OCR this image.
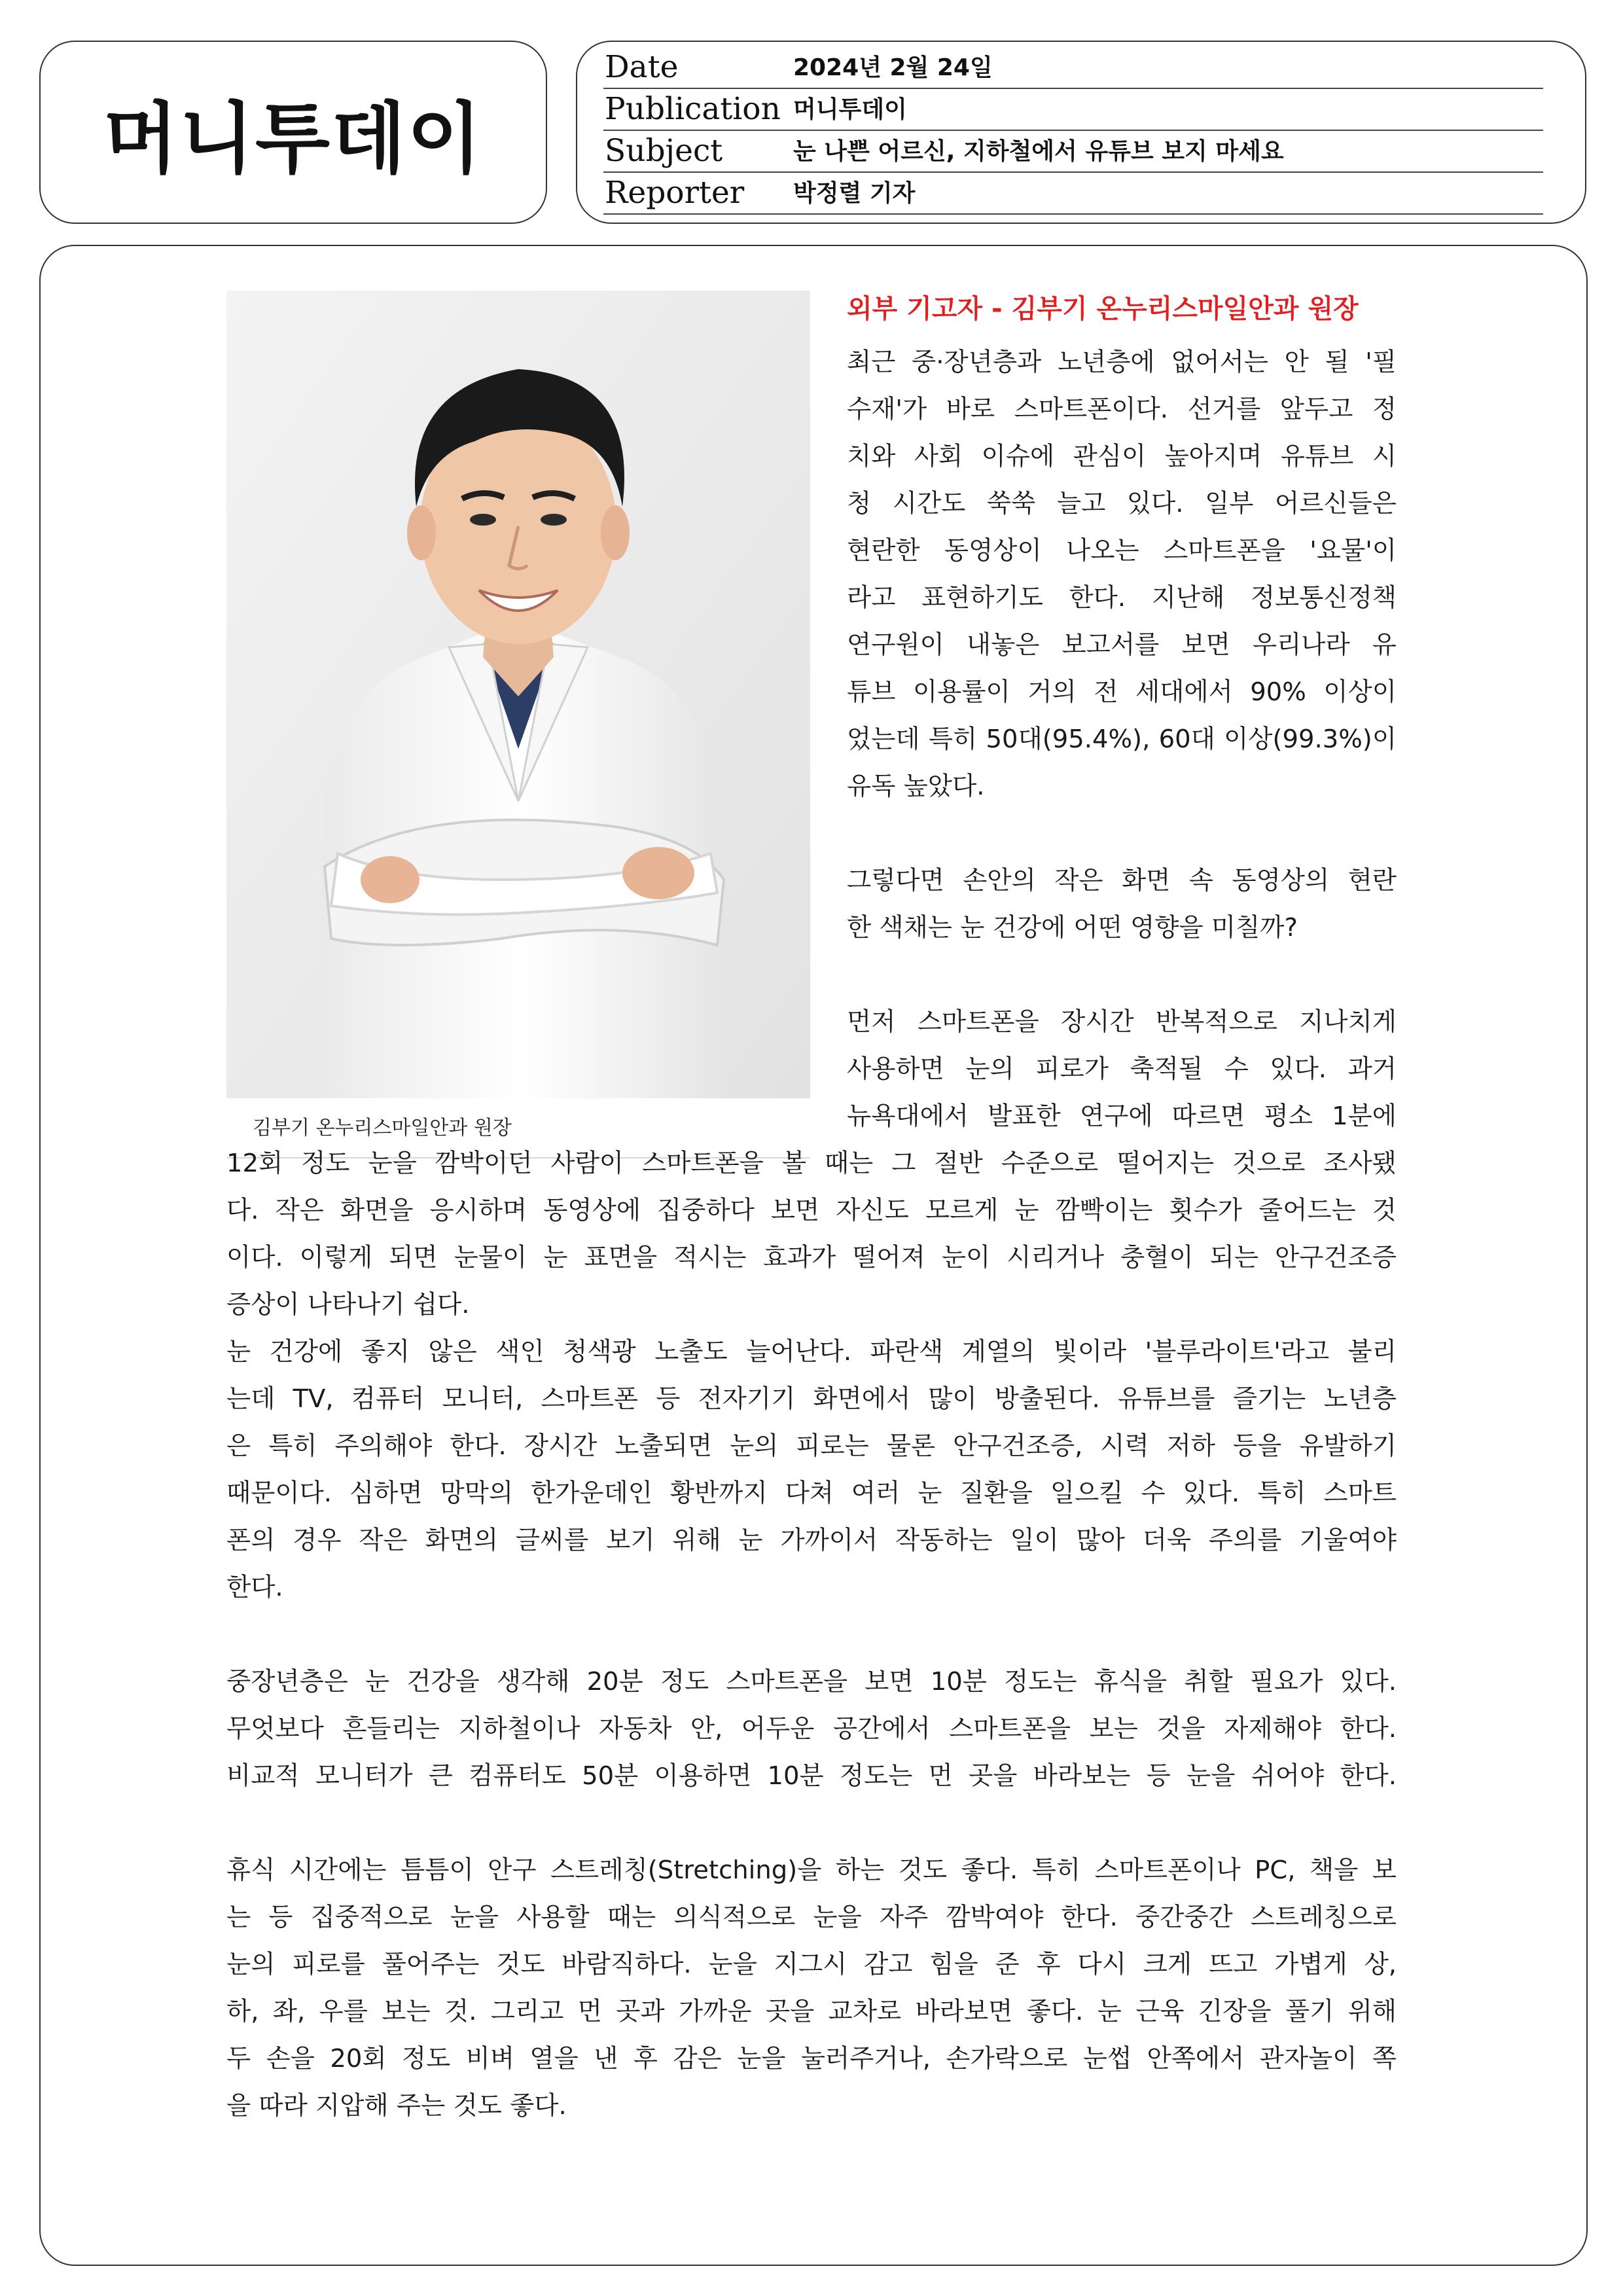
머니투데이
Date	2024년 2월 24일
Publication 머니투데이
Subject	눈 나쁜 어르신, 지하철에서 유튜브 보지 마세요
Reporter 박정렬 기자
김부기 온누리스마일안과 원장
외부 기고자 - 김부기 온누리스마일안과 원장
최근 중·장년층과 노년층에 없어서는 안 될 '필
수재'가 바로 스마트폰이다. 선거를 앞두고 정
치와 사회 이슈에 관심이 높아지며 유튜브 시
청 시간도 쑥쑥 늘고 있다. 일부 어르신들은
현란한 동영상이 나오는 스마트폰을 '요물'이
라고 표현하기도 한다. 지난해 정보통신정책
연구원이 내놓은 보고서를 보면 우리나라 유
튜브 이용률이 거의 전 세대에서 90% 이상이
었는데 특히 50대(95.4%), 60대 이상(99.3%)이
유독 높았다.
그렇다면 손안의 작은 화면 속 동영상의 현란
한 색채는 눈 건강에 어떤 영향을 미칠까?
먼저 스마트폰을 장시간 반복적으로 지나치게
사용하면 눈의 피로가 축적될 수 있다. 과거
뉴욕대에서 발표한 연구에 따르면 평소 1분에
12회 정도 눈을 깜박이던 사람이 스마트폰을 볼 때는 그 절반 수준으로 떨어지는 것으로 조사됐
다. 작은 화면을 응시하며 동영상에 집중하다 보면 자신도 모르게 눈 깜빡이는 횟수가 줄어드는 것
이다. 이렇게 되면 눈물이 눈 표면을 적시는 효과가 떨어져 눈이 시리거나 충혈이 되는 안구건조증
증상이 나타나기 쉽다.
눈 건강에 좋지 않은 색인 청색광 노출도 늘어난다. 파란색 계열의 빛이라 '블루라이트'라고 불리
는데 TV, 컴퓨터 모니터, 스마트폰 등 전자기기 화면에서 많이 방출된다. 유튜브를 즐기는 노년층
은 특히 주의해야 한다. 장시간 노출되면 눈의 피로는 물론 안구건조증, 시력 저하 등을 유발하기
때문이다. 심하면 망막의 한가운데인 황반까지 다쳐 여러 눈 질환을 일으킬 수 있다. 특히 스마트
폰의 경우 작은 화면의 글씨를 보기 위해 눈 가까이서 작동하는 일이 많아 더욱 주의를 기울여야
한다.
중장년층은 눈 건강을 생각해 20분 정도 스마트폰을 보면 10분 정도는 휴식을 취할 필요가 있다.
무엇보다 흔들리는 지하철이나 자동차 안, 어두운 공간에서 스마트폰을 보는 것을 자제해야 한다.
비교적 모니터가 큰 컴퓨터도 50분 이용하면 10분 정도는 먼 곳을 바라보는 등 눈을 쉬어야 한다.
휴식 시간에는 틈틈이 안구 스트레칭(Stretching)을 하는 것도 좋다. 특히 스마트폰이나 PC, 책을 보
는 등 집중적으로 눈을 사용할 때는 의식적으로 눈을 자주 깜박여야 한다. 중간중간 스트레칭으로
눈의 피로를 풀어주는 것도 바람직하다. 눈을 지그시 감고 힘을 준 후 다시 크게 뜨고 가볍게 상,
하, 좌, 우를 보는 것. 그리고 먼 곳과 가까운 곳을 교차로 바라보면 좋다. 눈 근육 긴장을 풀기 위해
두 손을 20회 정도 비벼 열을 낸 후 감은 눈을 눌러주거나, 손가락으로 눈썹 안쪽에서 관자놀이 쪽
을 따라 지압해 주는 것도 좋다.
